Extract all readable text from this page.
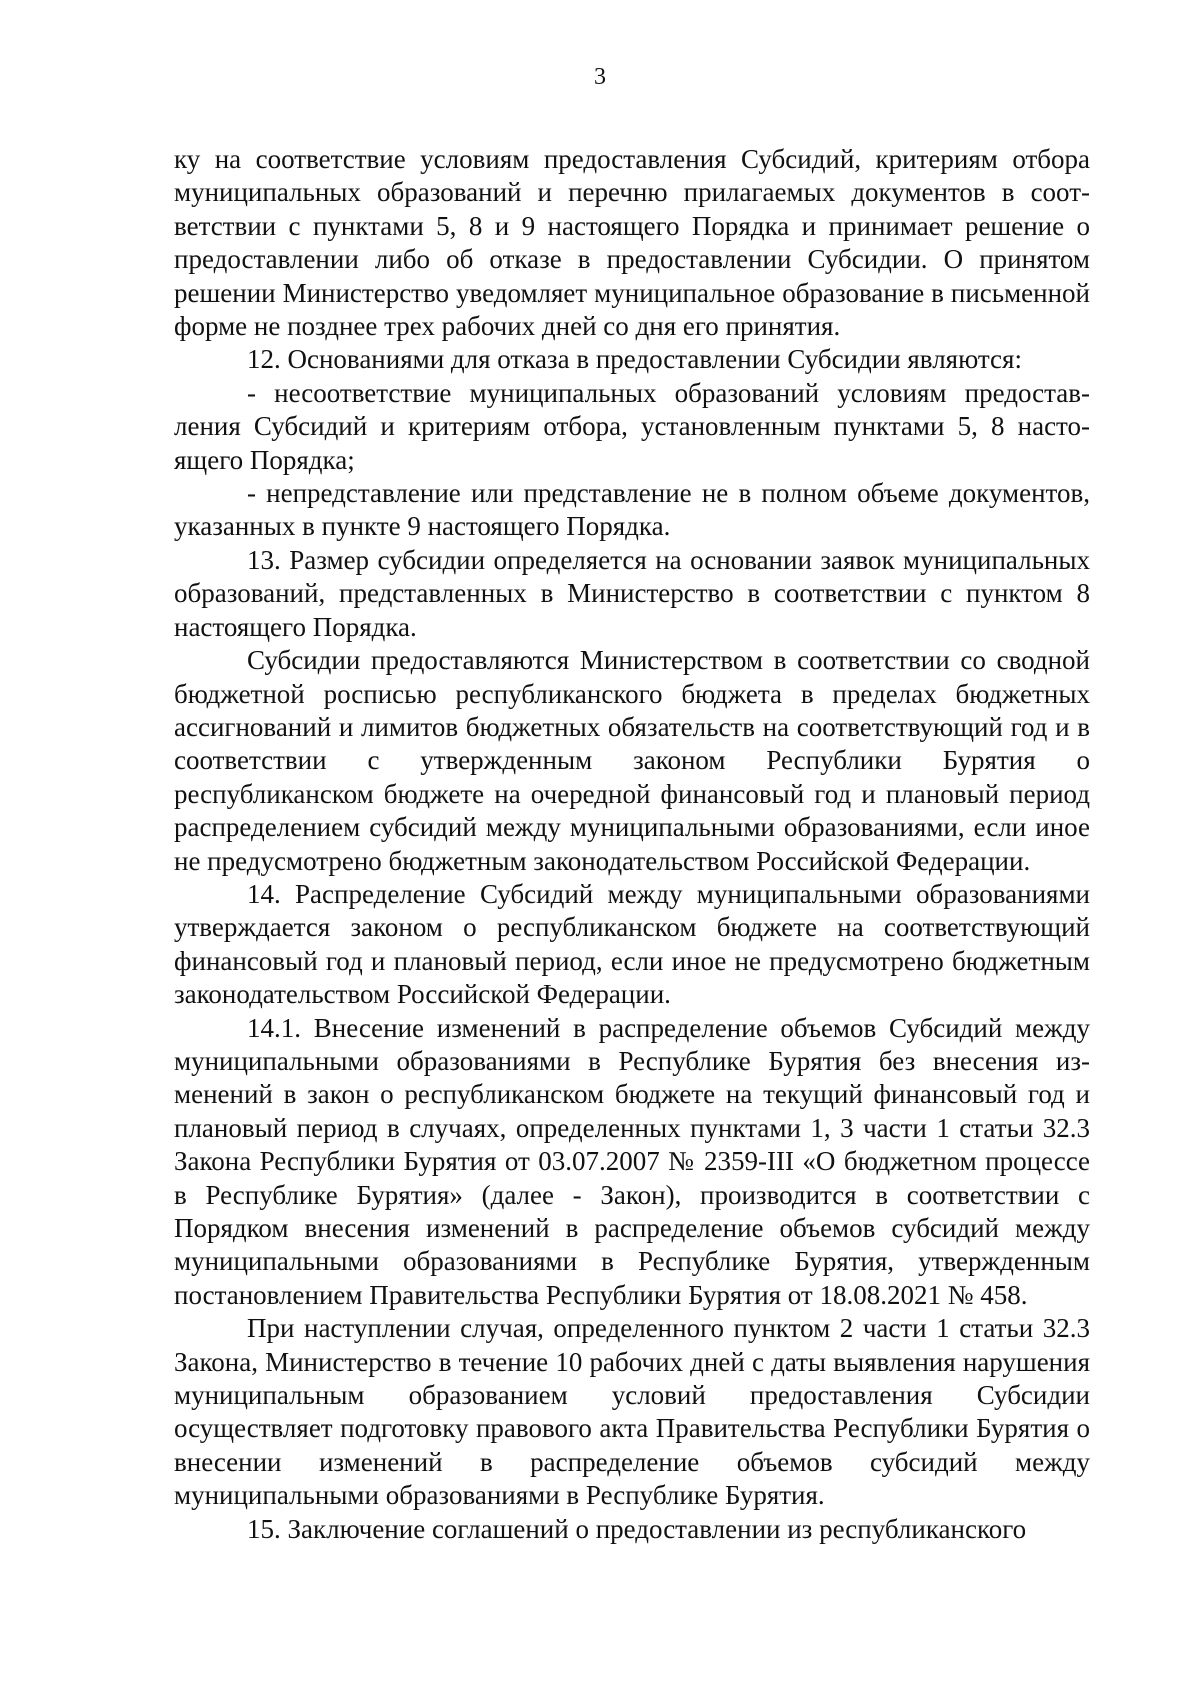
3

ку на соответствие условиям предоставления Субсидий, критериям отбора муниципальных образований и перечню прилагаемых документов в соответствии с пунктами 5, 8 и 9 настоящего Порядка и принимает решение о предоставлении либо об отказе в предоставлении Субсидии. О принятом решении Министерство уведомляет муниципальное образование в письменной форме не позднее трех рабочих дней со дня его принятия.

12. Основаниями для отказа в предоставлении Субсидии являются:

- несоответствие муниципальных образований условиям предоставления Субсидий и критериям отбора, установленным пунктами 5, 8 настоящего Порядка;

- непредставление или представление не в полном объеме документов, указанных в пункте 9 настоящего Порядка.

13. Размер субсидии определяется на основании заявок муниципальных образований, представленных в Министерство в соответствии с пунктом 8 настоящего Порядка.

Субсидии предоставляются Министерством в соответствии со сводной бюджетной росписью республиканского бюджета в пределах бюджетных ассигнований и лимитов бюджетных обязательств на соответствующий год и в соответствии с утвержденным законом Республики Бурятия о республиканском бюджете на очередной финансовый год и плановый период распределением субсидий между муниципальными образованиями, если иное не предусмотрено бюджетным законодательством Российской Федерации.

14. Распределение Субсидий между муниципальными образованиями утверждается законом о республиканском бюджете на соответствующий финансовый год и плановый период, если иное не предусмотрено бюджетным законодательством Российской Федерации.

14.1. Внесение изменений в распределение объемов Субсидий между муниципальными образованиями в Республике Бурятия без внесения изменений в закон о республиканском бюджете на текущий финансовый год и плановый период в случаях, определенных пунктами 1, 3 части 1 статьи 32.3 Закона Республики Бурятия от 03.07.2007 № 2359-III «О бюджетном процессе в Республике Бурятия» (далее - Закон), производится в соответствии с Порядком внесения изменений в распределение объемов субсидий между муниципальными образованиями в Республике Бурятия, утвержденным постановлением Правительства Республики Бурятия от 18.08.2021 № 458.

При наступлении случая, определенного пунктом 2 части 1 статьи 32.3 Закона, Министерство в течение 10 рабочих дней с даты выявления нарушения муниципальным образованием условий предоставления Субсидии осуществляет подготовку правового акта Правительства Республики Бурятия о внесении изменений в распределение объемов субсидий между муниципальными образованиями в Республике Бурятия.

15. Заключение соглашений о предоставлении из республиканского
